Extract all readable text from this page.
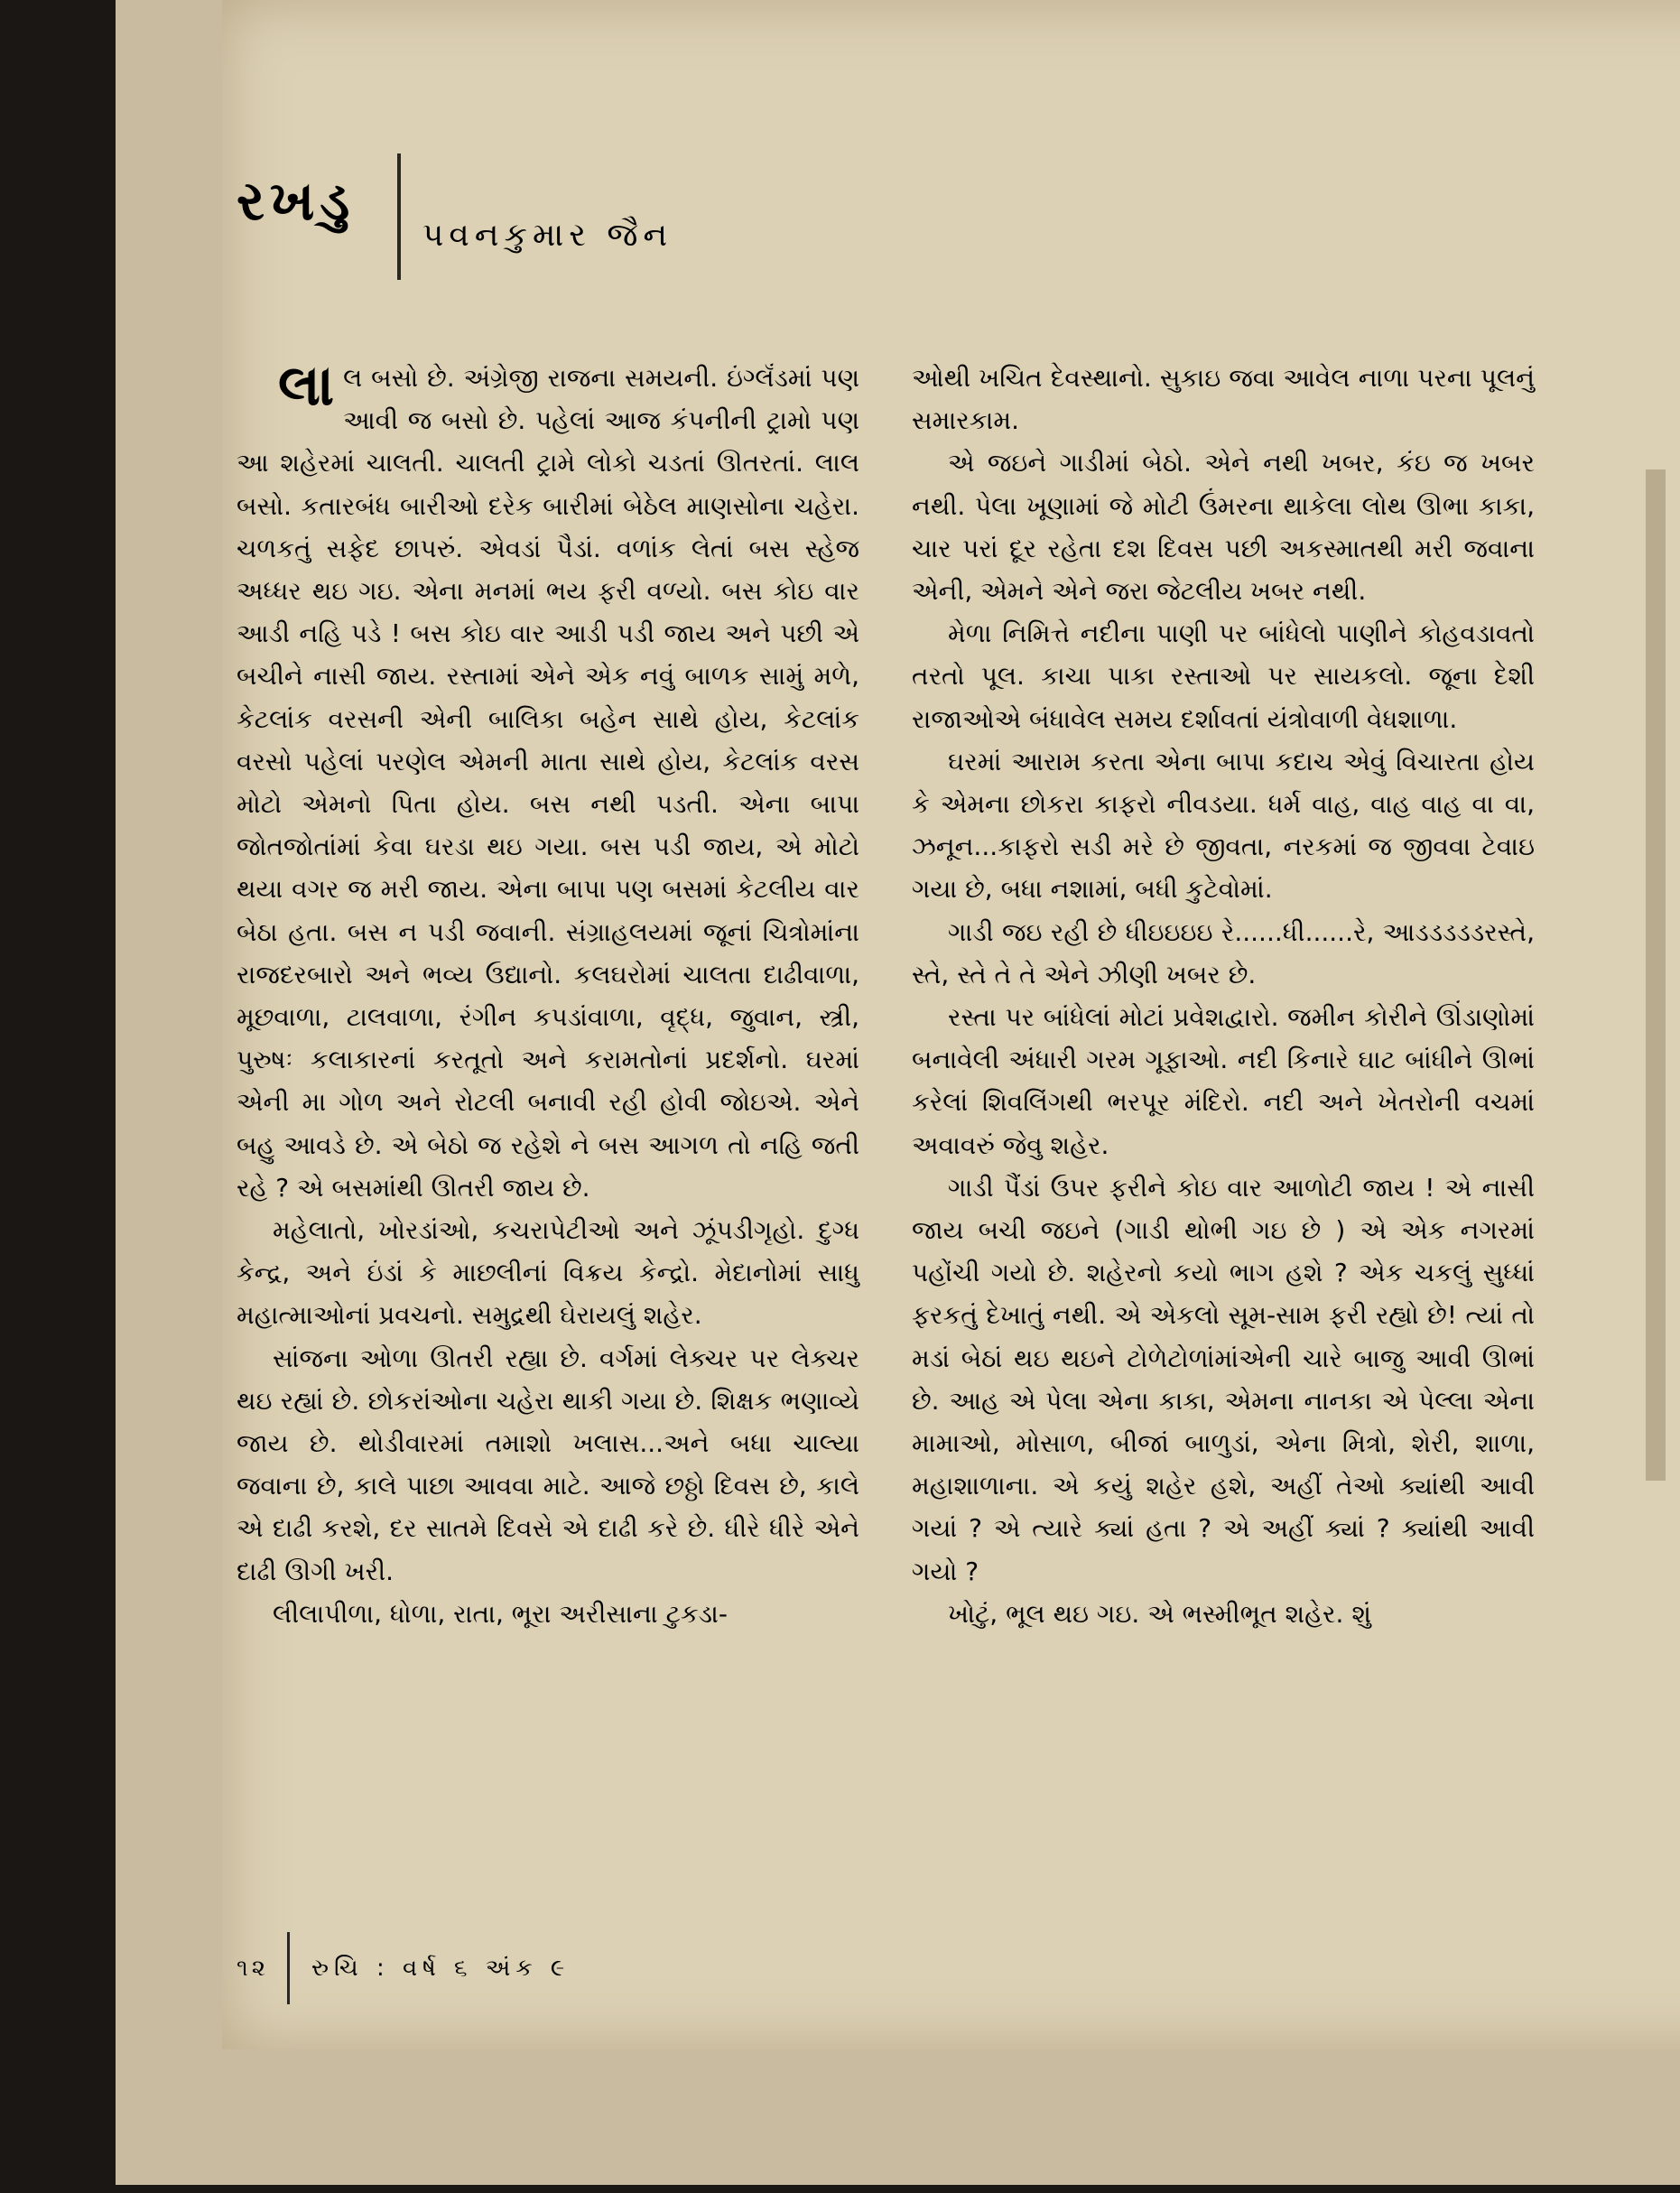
રખડુ
પવનકુમાર જૈન
લા લ બસો છે. અંગ્રેજી રાજના સમયની. ઇંગ્લૅંડમાં પણ આવી જ બસો છે. પહેલાં આજ કંપનીની ટ્રામો પણ આ શહેરમાં ચાલતી. ચાલતી ટ્રામે લોકો ચડતાં ઊતરતાં. લાલ બસો. કતારબંધ બારીઓ દરેક બારીમાં બેઠેલ માણસોના ચહેરા. ચળકતું સફેદ છાપરું. એવડાં પૈડાં. વળાંક લેતાં બસ સ્હેજ અધ્ધર થઇ ગઇ. એના મનમાં ભય ફરી વળ્યો. બસ કોઇ વાર આડી નહિ પડે ! બસ કોઇ વાર આડી પડી જાય અને પછી એ બચીને નાસી જાય. રસ્તામાં એને એક નવું બાળક સામું મળે, કેટલાંક વરસની એની બાલિકા બહેન સાથે હોય, કેટલાંક વરસો પહેલાં પરણેલ એમની માતા સાથે હોય, કેટલાંક વરસ મોટો એમનો પિતા હોય. બસ નથી પડતી. એના બાપા જોતજોતાંમાં કેવા ઘરડા થઇ ગયા. બસ પડી જાય, એ મોટો થયા વગર જ મરી જાય. એના બાપા પણ બસમાં કેટલીય વાર બેઠા હતા. બસ ન પડી જવાની. સંગ્રાહલયમાં જૂનાં ચિત્રોમાંના રાજદરબારો અને ભવ્ય ઉદ્યાનો. કલઘરોમાં ચાલતા દાઢીવાળા, મૂછવાળા, ટાલવાળા, રંગીન કપડાંવાળા, વૃદ્ધ, જુવાન, સ્ત્રી, પુરુષઃ કલાકારનાં કરતૂતો અને કરામતોનાં પ્રદર્શનો. ઘરમાં એની મા ગોળ અને રોટલી બનાવી રહી હોવી જોઇએ. એને બહુ આવડે છે. એ બેઠો જ રહેશે ને બસ આગળ તો નહિ જતી રહે ? એ બસમાંથી ઊતરી જાય છે.

મહેલાતો, ખોરડાંઓ, કચરાપેટીઓ અને ઝૂંપડીગૃહો. દુગ્ધ કેન્દ્ર, અને ઇંડાં કે માછલીનાં વિક્રય કેન્દ્રો. મેદાનોમાં સાધુ મહાત્માઓનાં પ્રવચનો. સમુદ્રથી ઘેરાયલું શહેર.

સાંજના ઓળા ઊતરી રહ્યા છે. વર્ગમાં લેક્ચર પર લેક્ચર થઇ રહ્યાં છે. છોકરાંઓના ચહેરા થાકી ગયા છે. શિક્ષક ભણાવ્યે જાય છે. થોડીવારમાં તમાશો ખલાસ...અને બધા ચાલ્યા જવાના છે, કાલે પાછા આવવા માટે. આજે છઠ્ઠો દિવસ છે, કાલે એ દાઢી કરશે, દર સાતમે દિવસે એ દાઢી કરે છે. ધીરે ધીરે એને દાઢી ઊગી ખરી.

લીલાપીળા, ધોળા, રાતા, ભૂરા અરીસાના ટુકડા-

ઓથી ખચિત દેવસ્થાનો. સુકાઇ જવા આવેલ નાળા પરના પૂલનું સમારકામ.

એ જઇને ગાડીમાં બેઠો. એને નથી ખબર, કંઇ જ ખબર નથી. પેલા ખૂણામાં જે મોટી ઉંમરના થાકેલા લોથ ઊભા કાકા, ચાર પરાં દૂર રહેતા દશ દિવસ પછી અકસ્માતથી મરી જવાના એની, એમને એને જરા જેટલીય ખબર નથી.

મેળા નિમિત્તે નદીના પાણી પર બાંધેલો પાણીને કોહવડાવતો તરતો પૂલ. કાચા પાકા રસ્તાઓ પર સાયકલો. જૂના દેશી રાજાઓએ બંધાવેલ સમય દર્શાવતાં યંત્રોવાળી વેધશાળા.

ઘરમાં આરામ કરતા એના બાપા કદાચ એવું વિચારતા હોય કે એમના છોકરા કાફરો નીવડયા. ધર્મ વાહ, વાહ વાહ વા વા, ઝનૂન...કાફરો સડી મરે છે જીવતા, નરકમાં જ જીવવા ટેવાઇ ગયા છે, બધા નશામાં, બધી કુટેવોમાં.

ગાડી જઇ રહી છે ધીઇઇઇઇ રે......ધી......રે, આડડડડડરસ્તે, સ્તે, સ્તે તે તે એને ઝીણી ખબર છે.

રસ્તા પર બાંધેલાં મોટાં પ્રવેશદ્વારો. જમીન કોરીને ઊંડાણોમાં બનાવેલી અંધારી ગરમ ગૂફાઓ. નદી કિનારે ઘાટ બાંધીને ઊભાં કરેલાં શિવલિંગથી ભરપૂર મંદિરો. નદી અને ખેતરોની વચમાં અવાવરું જેવુ શહેર.

ગાડી પૈંડાં ઉપર ફરીને કોઇ વાર આળોટી જાય ! એ નાસી જાય બચી જઇને (ગાડી થોભી ગઇ છે ) એ એક નગરમાં પહોંચી ગયો છે. શહેરનો કયો ભાગ હશે ? એક ચકલું સુધ્ધાં ફરકતું દેખાતું નથી. એ એકલો સૂમ-સામ ફરી રહ્યો છે! ત્યાં તો મડાં બેઠાં થઇ થઇને ટોળેટોળાંમાંએની ચારે બાજુ આવી ઊભાં છે. આહ એ પેલા એના કાકા, એમના નાનકા એ પેલ્લા એના મામાઓ, મોસાળ, બીજાં બાળુડાં, એના મિત્રો, શેરી, શાળા, મહાશાળાના. એ કયું શહેર હશે, અહીં તેઓ ક્યાંથી આવી ગયાં ? એ ત્યારે ક્યાં હતા ? એ અહીં ક્યાં ? ક્યાંથી આવી ગયો ?

ખોટું, ભૂલ થઇ ગઇ. એ ભસ્મીભૂત શહેર. શું

૧૨ રુચિ : વર્ષ ૬ અંક ૯
